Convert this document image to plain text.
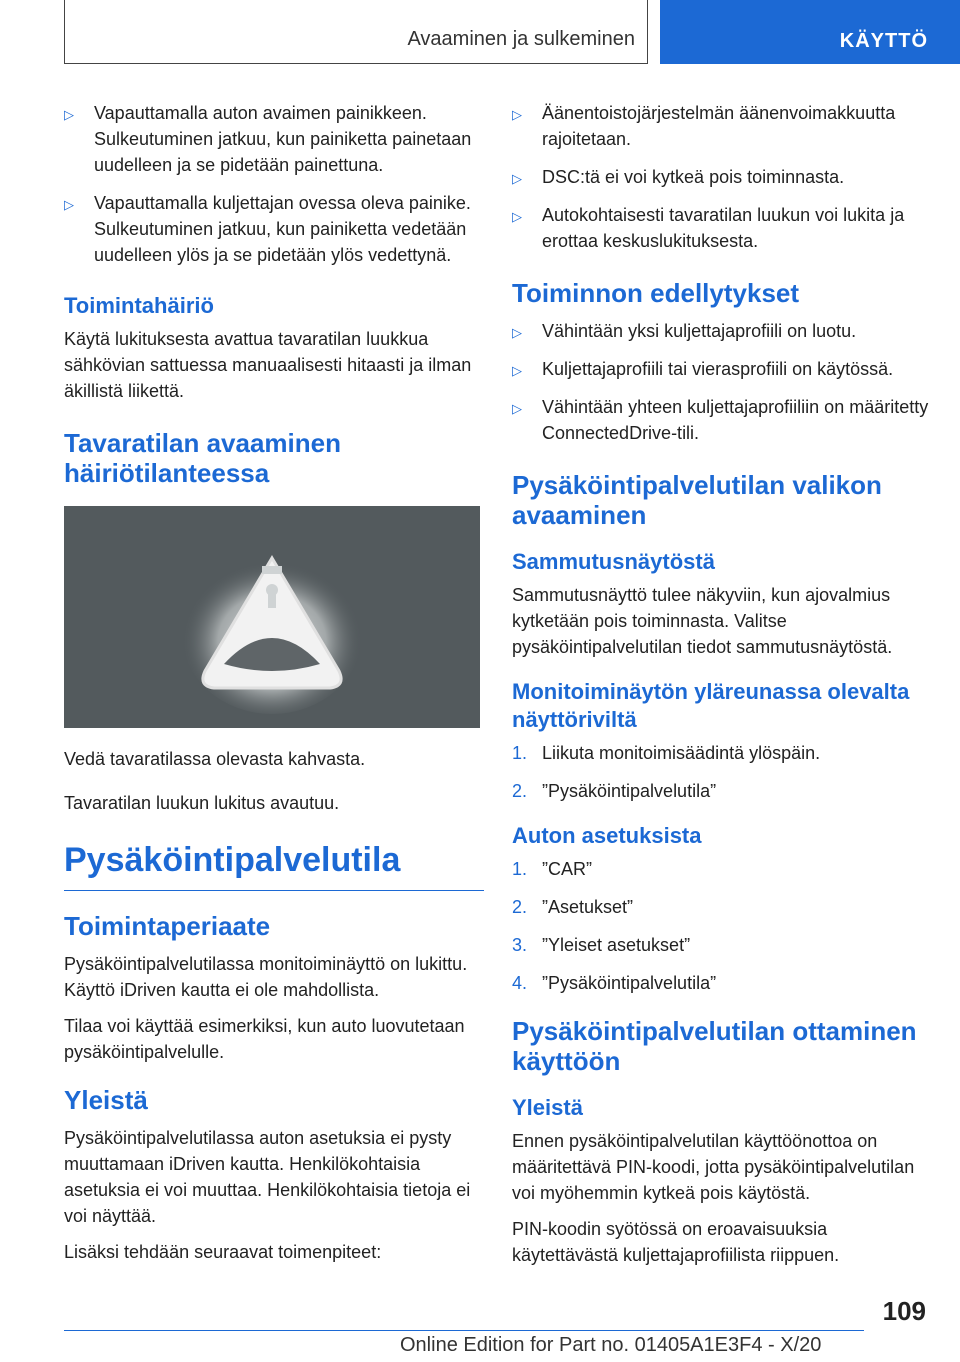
Avaaminen ja sulkeminen	KÄYTTÖ
▷ Vapauttamalla auton avaimen painikkeen. Sulkeutuminen jatkuu, kun painiketta painetaan uudelleen ja se pidetään painettuna.
▷ Vapauttamalla kuljettajan ovessa oleva painike. Sulkeutuminen jatkuu, kun painiketta vedetään uudelleen ylös ja se pidetään ylös vedettynä.
Toimintahäiriö

Käytä lukituksesta avattua tavaratilan luukkua sähkövian sattuessa manuaalisesti hitaasti ja ilman äkillistä liikettä.

Tavaratilan avaaminen häiriötilanteessa

Vedä tavaratilassa olevasta kahvasta.

Tavaratilan luukun lukitus avautuu.

Pysäköintipalvelutila
Toimintaperiaate

Pysäköintipalvelutilassa monitoiminäyttö on lukittu. Käyttö iDriven kautta ei ole mahdollista.

Tilaa voi käyttää esimerkiksi, kun auto luovutetaan pysäköintipalvelulle.

Yleistä

Pysäköintipalvelutilassa auton asetuksia ei pysty muuttamaan iDriven kautta. Henkilökohtaisia asetuksia ei voi muuttaa. Henkilökohtaisia tietoja ei voi näyttää.

Lisäksi tehdään seuraavat toimenpiteet:

▷ Äänentoistojärjestelmän äänenvoimakkuutta rajoitetaan.
▷ DSC:tä ei voi kytkeä pois toiminnasta.
▷ Autokohtaisesti tavaratilan luukun voi lukita ja erottaa keskuslukituksesta.
Toiminnon edellytykset
▷ Vähintään yksi kuljettajaprofiili on luotu.
▷ Kuljettajaprofiili tai vierasprofiili on käytössä.
▷ Vähintään yhteen kuljettajaprofiiliin on määritetty ConnectedDrive-tili.
Pysäköintipalvelutilan valikon avaaminen
Sammutusnäytöstä

Sammutusnäyttö tulee näkyviin, kun ajovalmius kytketään pois toiminnasta. Valitse pysäköintipalvelutilan tiedot sammutusnäytöstä.

Monitoiminäytön yläreunassa olevalta näyttöriviltä
1. Liikuta monitoimisäädintä ylöspäin.
2. ”Pysäköintipalvelutila”
Auton asetuksista
1. ”CAR”
2. ”Asetukset”
3. ”Yleiset asetukset”
4. ”Pysäköintipalvelutila”
Pysäköintipalvelutilan ottaminen käyttöön
Yleistä

Ennen pysäköintipalvelutilan käyttöönottoa on määritettävä PIN-koodi, jotta pysäköintipalvelutilan voi myöhemmin kytkeä pois käytöstä.

PIN-koodin syötössä on eroavaisuuksia käytettävästä kuljettajaprofiilista riippuen.

109
Online Edition for Part no. 01405A1E3F4 - X/20
